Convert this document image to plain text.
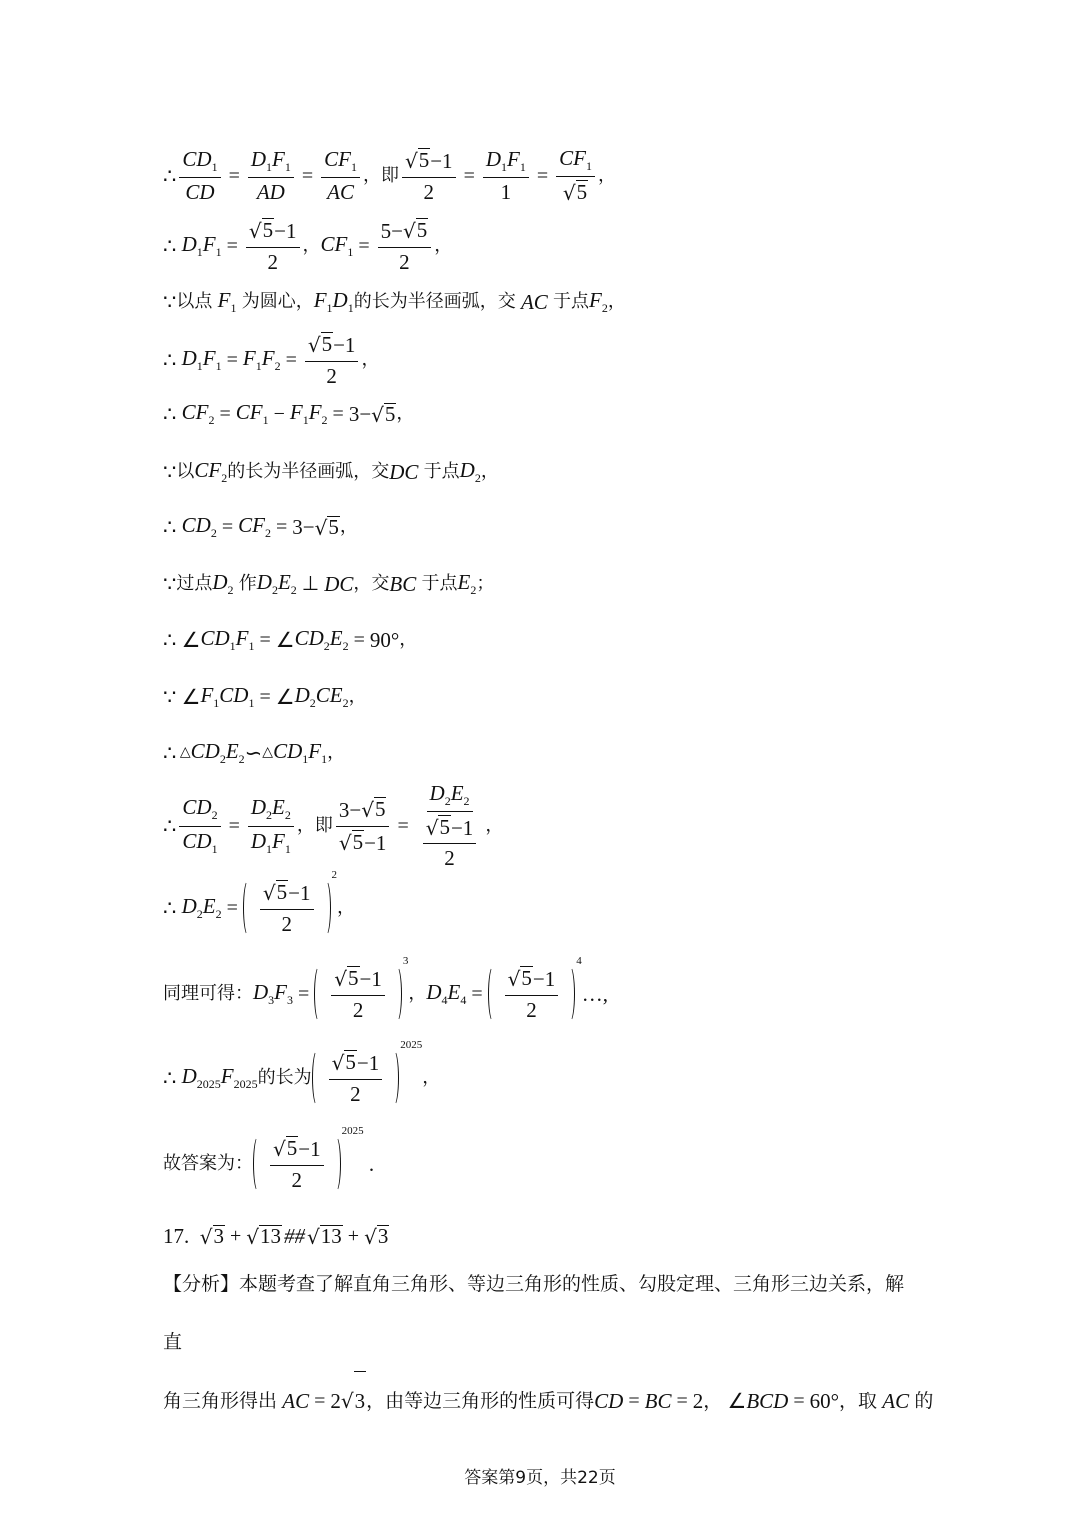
∴ $\frac{CD_1}{CD} = \frac{D_1F_1}{AD} = \frac{CF_1}{AC}$ ，即 $\frac{√ 5 -1}{2} = \frac{D_1F_1}{1} = \frac{CF_1}{√ 5}$ ，
∴ $D_1F_1 = \frac{√ 5 -1}{2}$ ， $CF_1 = \frac{5- √ 5}{2}$ ，
∵ 以点 $F_1$ 为圆心， $F_1D_1$ 的长为半径画弧，交 AC 于点 $F_2$ ，
∴ $D_1F_1 = F_1F_2 = \frac{√ 5 -1}{2}$ ，
∴ $CF_2 = CF_1 - F_1F_2 = 3-$ √ 5 ，
∵ 以 $CF_2$ 的长为半径画弧，交 DC 于点 $D_2$ ，
∴ $CD_2 = CF_2 = 3-$ √ 5 ，
∵ 过点 $D_2$ 作 $D_2E_2$ ⊥ DC ，交 BC 于点 $E_2$ ；
∴ ∠ $CD_1F_1$ = ∠ $CD_2E_2 = 90^\circ$ ，
∵ ∠ $F_1CD_1$ = ∠ $D_2CE_2$ ，
∴ △ $CD_2E_2$ ∽ △ $CD_1F_1$ ，
∴ $\frac{CD_2}{CD_1} = \frac{D_2E_2}{D_1F_1}$ ，即 $\frac{3- √ 5}{√ 5 -1} = \frac{D_2E_2}{\frac{√ 5 -1}{2}}$ ，
∴ $D_2E_2 = \frac{√ 5 -1}{2}$
2
，
同理可得： $D_3F_3 = \frac{√ 5 -1}{2}$
3
， $D_4E_4 = \frac{√ 5 -1}{2}$
4
…,
∴ $D_{2025}F_{2025}$ 的长为 $\frac{√ 5 -1}{2}$
2025
，
故答案为： $\frac{√ 5 -1}{2}$
2025
.
17.
√ 3 + √ 13 ## √ 13 + √ 3
【分析】本题考查了解直角三角形、等边三角形的性质、勾股定理、三角形三边关系，解直
角三角形得出 AC = 2 √ 3 ，由等边三角形的性质可得 CD = BC = 2 ， ∠ BCD = 60° ，取 AC 的
答案第9页，共22页
